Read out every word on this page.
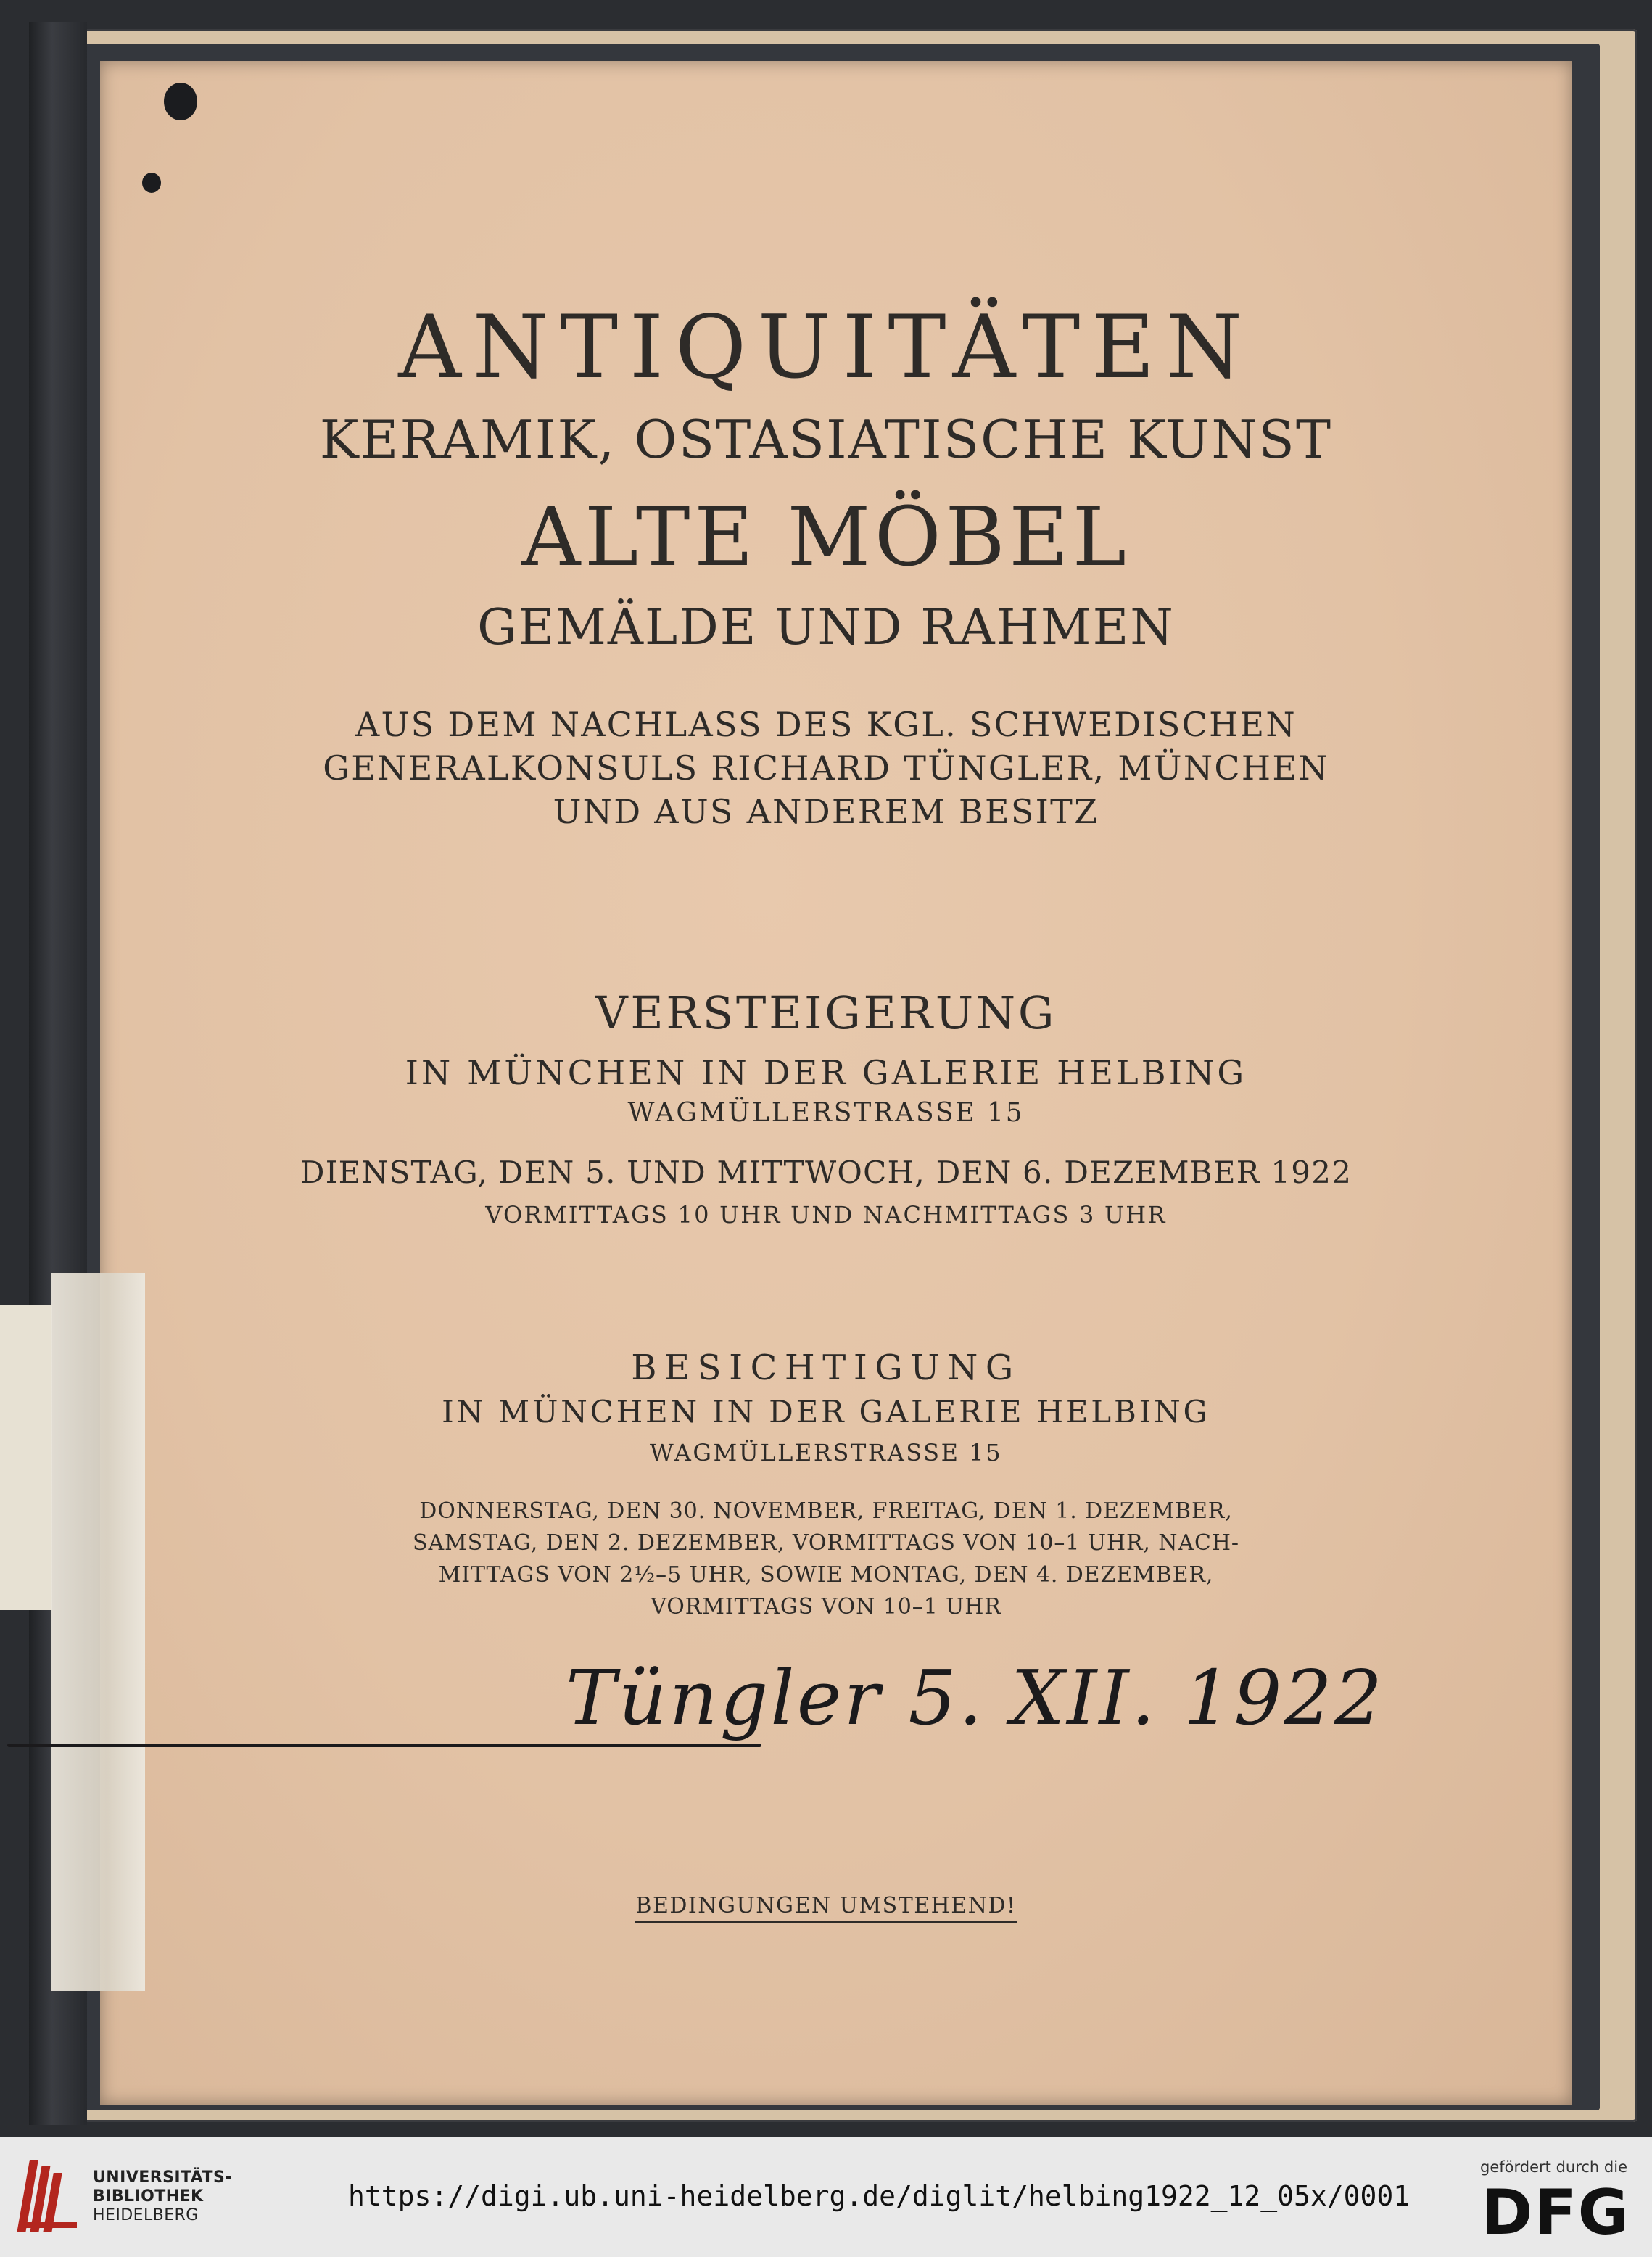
ANTIQUITÄTEN
KERAMIK, OSTASIATISCHE KUNST
ALTE MÖBEL
GEMÄLDE UND RAHMEN
AUS DEM NACHLASS DES KGL. SCHWEDISCHEN
GENERALKONSULS RICHARD TÜNGLER, MÜNCHEN
UND AUS ANDEREM BESITZ
VERSTEIGERUNG
IN MÜNCHEN IN DER GALERIE HELBING
WAGMÜLLERSTRASSE 15
DIENSTAG, DEN 5. UND MITTWOCH, DEN 6. DEZEMBER 1922
VORMITTAGS 10 UHR UND NACHMITTAGS 3 UHR
BESICHTIGUNG
IN MÜNCHEN IN DER GALERIE HELBING
WAGMÜLLERSTRASSE 15
DONNERSTAG, DEN 30. NOVEMBER, FREITAG, DEN 1. DEZEMBER,
SAMSTAG, DEN 2. DEZEMBER, VORMITTAGS VON 10–1 UHR, NACH-
MITTAGS VON 2½–5 UHR, SOWIE MONTAG, DEN 4. DEZEMBER,
VORMITTAGS VON 10–1 UHR
Tüngler 5. XII. 1922
BEDINGUNGEN UMSTEHEND!
UNIVERSITÄTS-
BIBLIOTHEK
HEIDELBERG
https://digi.ub.uni-heidelberg.de/diglit/helbing1922_12_05x/0001
gefördert durch die
DFG
